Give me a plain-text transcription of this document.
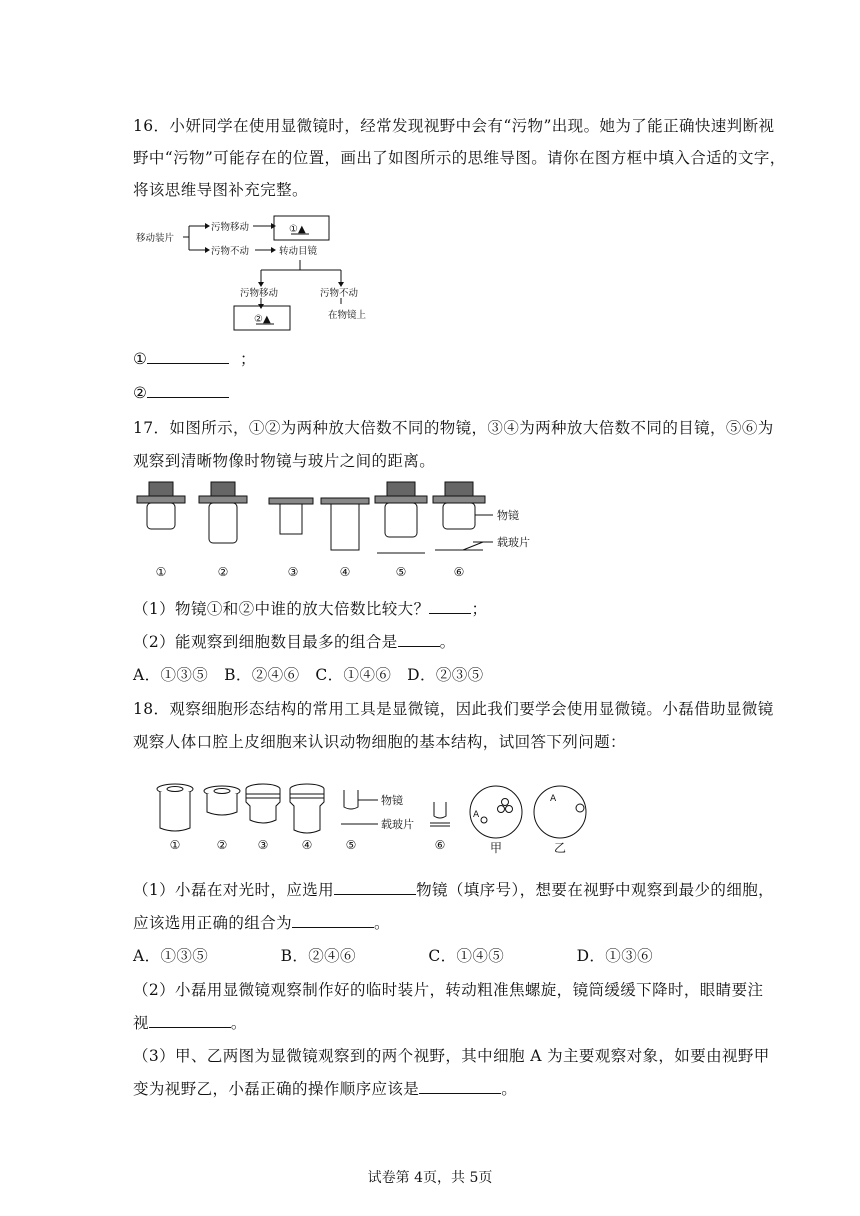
16．小妍同学在使用显微镜时，经常发现视野中会有“污物”出现。她为了能正确快速判断视
野中“污物”可能存在的位置，画出了如图所示的思维导图。请你在图方框中填入合适的文字，
将该思维导图补充完整。
移动装片
污物移动
污物不动
①▲
转动目镜
污物移动	污物不动
②▲	在物镜上
①	；
②
17．如图所示，①②为两种放大倍数不同的物镜，③④为两种放大倍数不同的目镜，⑤⑥为
观察到清晰物像时物镜与玻片之间的距离。
物镜
载玻片
①	②	③	④	⑤	⑥
（1）物镜①和②中谁的放大倍数比较大？	；
（2）能观察到细胞数目最多的组合是	。
A．①③⑤　B．②④⑥　C．①④⑥　D．②③⑤
18．观察细胞形态结构的常用工具是显微镜，因此我们要学会使用显微镜。小磊借助显微镜
观察人体口腔上皮细胞来认识动物细胞的基本结构，试回答下列问题：
物镜
载玻片
A
A
①	②	③	④	⑤	⑥	甲	乙
（1）小磊在对光时，应选用	物镜（填序号），想要在视野中观察到最少的细胞，
应该选用正确的组合为	。
A．①③⑤	B．②④⑥	C．①④⑤	D．①③⑥
（2）小磊用显微镜观察制作好的临时装片，转动粗准焦螺旋，镜筒缓缓下降时，眼睛要注
视	。
（3）甲、乙两图为显微镜观察到的两个视野，其中细胞 A 为主要观察对象，如要由视野甲
变为视野乙，小磊正确的操作顺序应该是	。
试卷第 4页，共 5页
